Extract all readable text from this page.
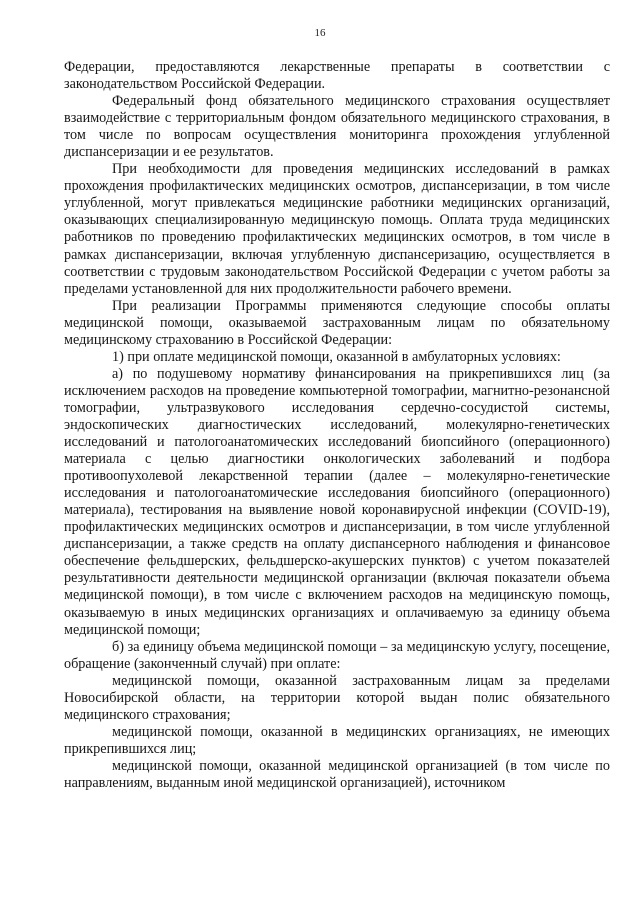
16

Федерации, предоставляются лекарственные препараты в соответствии с законодательством Российской Федерации.

Федеральный фонд обязательного медицинского страхования осуществляет взаимодействие с территориальным фондом обязательного медицинского страхования, в том числе по вопросам осуществления мониторинга прохождения углубленной диспансеризации и ее результатов.

При необходимости для проведения медицинских исследований в рамках прохождения профилактических медицинских осмотров, диспансеризации, в том числе углубленной, могут привлекаться медицинские работники медицинских организаций, оказывающих специализированную медицинскую помощь. Оплата труда медицинских работников по проведению профилактических медицинских осмотров, в том числе в рамках диспансеризации, включая углубленную диспансеризацию, осуществляется в соответствии с трудовым законодательством Российской Федерации с учетом работы за пределами установленной для них продолжительности рабочего времени.

При реализации Программы применяются следующие способы оплаты медицинской помощи, оказываемой застрахованным лицам по обязательному медицинскому страхованию в Российской Федерации:

1) при оплате медицинской помощи, оказанной в амбулаторных условиях:

а) по подушевому нормативу финансирования на прикрепившихся лиц (за исключением расходов на проведение компьютерной томографии, магнитно-резонансной томографии, ультразвукового исследования сердечно-сосудистой системы, эндоскопических диагностических исследований, молекулярно-генетических исследований и патологоанатомических исследований биопсийного (операционного) материала с целью диагностики онкологических заболеваний и подбора противоопухолевой лекарственной терапии (далее – молекулярно-генетические исследования и патологоанатомические исследования биопсийного (операционного) материала), тестирования на выявление новой коронавирусной инфекции (COVID-19), профилактических медицинских осмотров и диспансеризации, в том числе углубленной диспансеризации, а также средств на оплату диспансерного наблюдения и финансовое обеспечение фельдшерских, фельдшерско-акушерских пунктов) с учетом показателей результативности деятельности медицинской организации (включая показатели объема медицинской помощи), в том числе с включением расходов на медицинскую помощь, оказываемую в иных медицинских организациях и оплачиваемую за единицу объема медицинской помощи;

б) за единицу объема медицинской помощи – за медицинскую услугу, посещение, обращение (законченный случай) при оплате:

медицинской помощи, оказанной застрахованным лицам за пределами Новосибирской области, на территории которой выдан полис обязательного медицинского страхования;

медицинской помощи, оказанной в медицинских организациях, не имеющих прикрепившихся лиц;

медицинской помощи, оказанной медицинской организацией (в том числе по направлениям, выданным иной медицинской организацией), источником
